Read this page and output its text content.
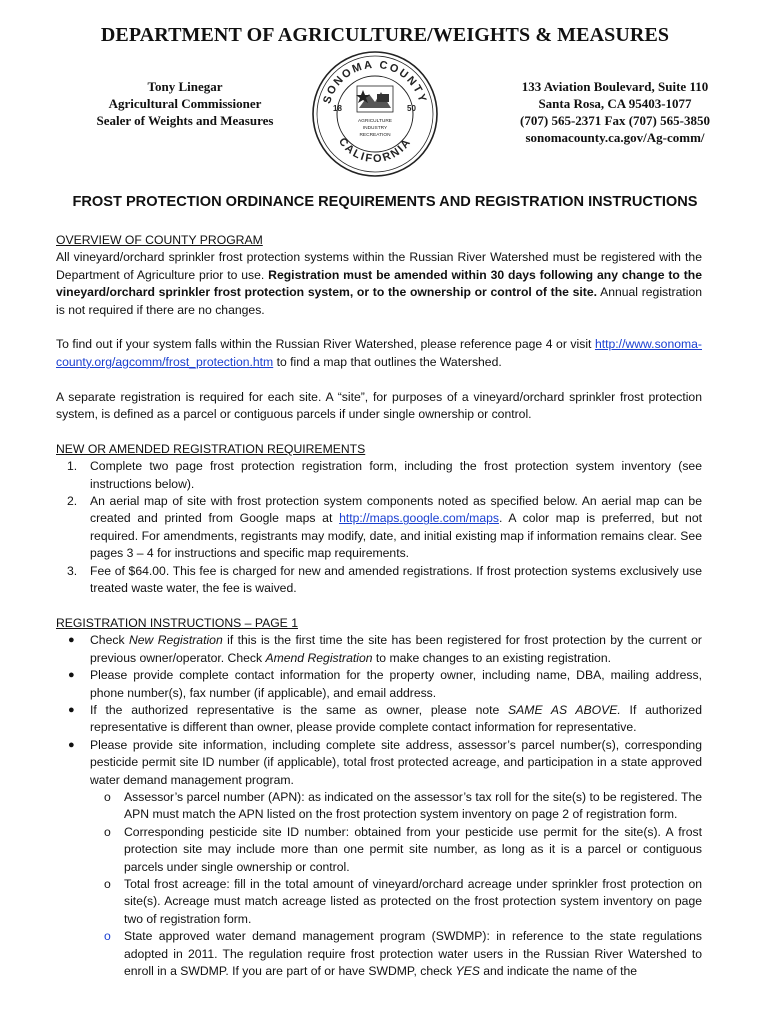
DEPARTMENT OF AGRICULTURE/WEIGHTS & MEASURES
Tony Linegar
Agricultural Commissioner
Sealer of Weights and Measures
SONOMA COUNTY
CALIFORNIA
18	50
AGRICULTURE
INDUSTRY
RECREATION
133 Aviation Boulevard, Suite 110
Santa Rosa, CA 95403-1077
(707) 565-2371 Fax (707) 565-3850
sonomacounty.ca.gov/Ag-comm/
FROST PROTECTION ORDINANCE REQUIREMENTS AND REGISTRATION INSTRUCTIONS
OVERVIEW OF COUNTY PROGRAM

All vineyard/orchard sprinkler frost protection systems within the Russian River Watershed must be registered with the Department of Agriculture prior to use. Registration must be amended within 30 days following any change to the vineyard/orchard sprinkler frost protection system, or to the ownership or control of the site. Annual registration is not required if there are no changes.

To find out if your system falls within the Russian River Watershed, please reference page 4 or visit http://www.sonoma-county.org/agcomm/frost_protection.htm to find a map that outlines the Watershed.

A separate registration is required for each site. A “site”, for purposes of a vineyard/orchard sprinkler frost protection system, is defined as a parcel or contiguous parcels if under single ownership or control.

NEW OR AMENDED REGISTRATION REQUIREMENTS
1. Complete two page frost protection registration form, including the frost protection system inventory (see instructions below).
2. An aerial map of site with frost protection system components noted as specified below. An aerial map can be created and printed from Google maps at http://maps.google.com/maps. A color map is preferred, but not required. For amendments, registrants may modify, date, and initial existing map if information remains clear. See pages 3 – 4 for instructions and specific map requirements.
3. Fee of $64.00. This fee is charged for new and amended registrations. If frost protection systems exclusively use treated waste water, the fee is waived.
REGISTRATION INSTRUCTIONS – PAGE 1
● Check New Registration if this is the first time the site has been registered for frost protection by the current or previous owner/operator. Check Amend Registration to make changes to an existing registration.
● Please provide complete contact information for the property owner, including name, DBA, mailing address, phone number(s), fax number (if applicable), and email address.
● If the authorized representative is the same as owner, please note SAME AS ABOVE. If authorized representative is different than owner, please provide complete contact information for representative.
● Please provide site information, including complete site address, assessor’s parcel number(s), corresponding pesticide permit site ID number (if applicable), total frost protected acreage, and participation in a state approved water demand management program.
o Assessor’s parcel number (APN): as indicated on the assessor’s tax roll for the site(s) to be registered. The APN must match the APN listed on the frost protection system inventory on page 2 of registration form.
o Corresponding pesticide site ID number: obtained from your pesticide use permit for the site(s). A frost protection site may include more than one permit site number, as long as it is a parcel or contiguous parcels under single ownership or control.
o Total frost acreage: fill in the total amount of vineyard/orchard acreage under sprinkler frost protection on site(s). Acreage must match acreage listed as protected on the frost protection system inventory on page two of registration form.
o State approved water demand management program (SWDMP): in reference to the state regulations adopted in 2011. The regulation require frost protection water users in the Russian River Watershed to enroll in a SWDMP. If you are part of or have SWDMP, check YES and indicate the name of the
